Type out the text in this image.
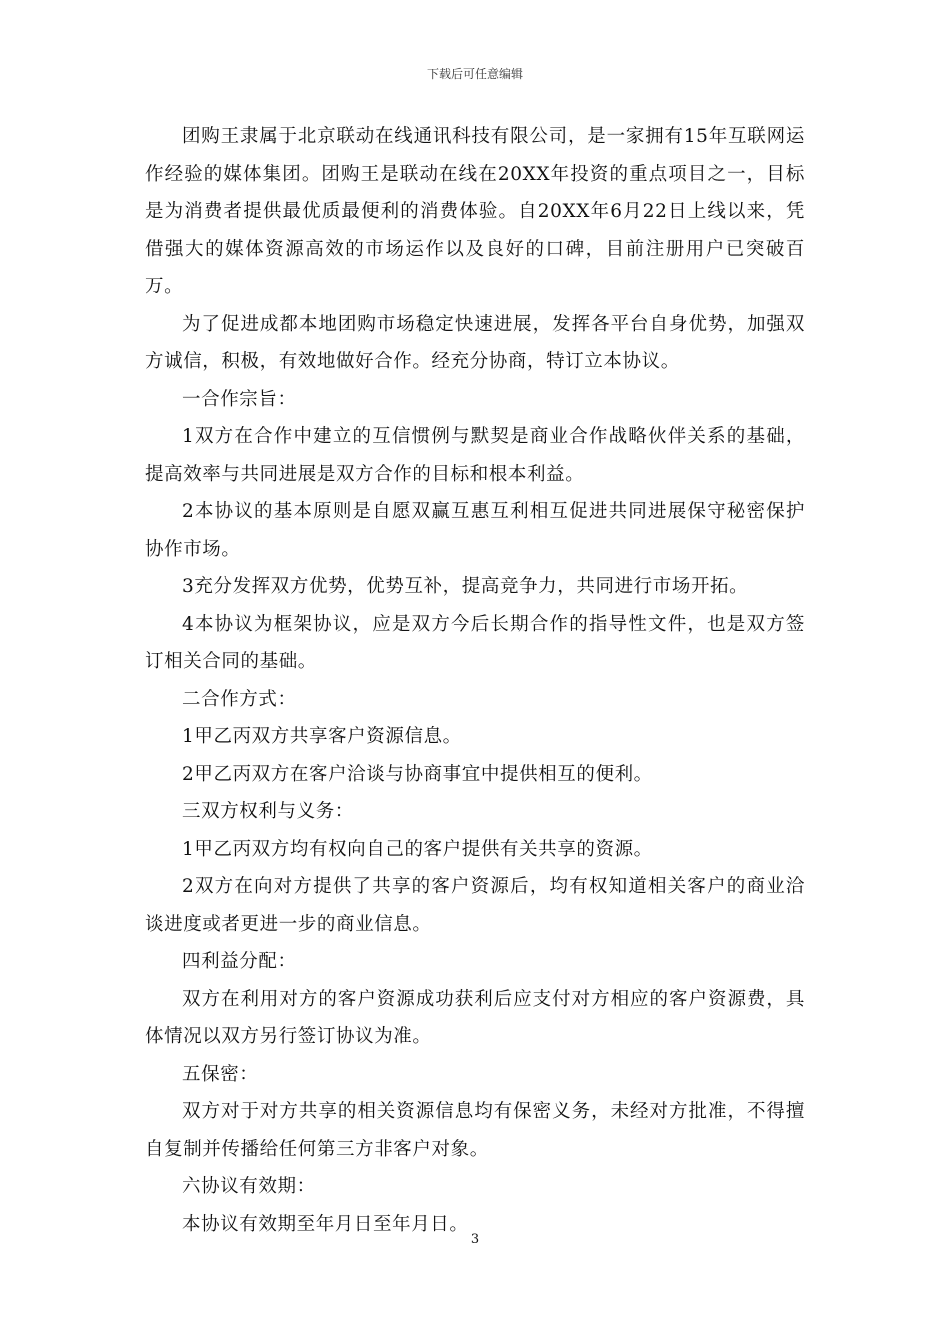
下载后可任意编辑

团购王隶属于北京联动在线通讯科技有限公司，是一家拥有15年互联网运作经验的媒体集团。团购王是联动在线在20XX年投资的重点项目之一，目标是为消费者提供最优质最便利的消费体验。自20XX年6月22日上线以来，凭借强大的媒体资源高效的市场运作以及良好的口碑，目前注册用户已突破百万。

为了促进成都本地团购市场稳定快速进展，发挥各平台自身优势，加强双方诚信，积极，有效地做好合作。经充分协商，特订立本协议。

一合作宗旨：

1双方在合作中建立的互信惯例与默契是商业合作战略伙伴关系的基础，提高效率与共同进展是双方合作的目标和根本利益。

2本协议的基本原则是自愿双赢互惠互利相互促进共同进展保守秘密保护协作市场。

3充分发挥双方优势，优势互补，提高竞争力，共同进行市场开拓。

4本协议为框架协议，应是双方今后长期合作的指导性文件，也是双方签订相关合同的基础。

二合作方式：

1甲乙丙双方共享客户资源信息。

2甲乙丙双方在客户洽谈与协商事宜中提供相互的便利。

三双方权利与义务：

1甲乙丙双方均有权向自己的客户提供有关共享的资源。

2双方在向对方提供了共享的客户资源后，均有权知道相关客户的商业洽谈进度或者更进一步的商业信息。

四利益分配：

双方在利用对方的客户资源成功获利后应支付对方相应的客户资源费，具体情况以双方另行签订协议为准。

五保密：

双方对于对方共享的相关资源信息均有保密义务，未经对方批准，不得擅自复制并传播给任何第三方非客户对象。

六协议有效期：

本协议有效期至年月日至年月日。

3
